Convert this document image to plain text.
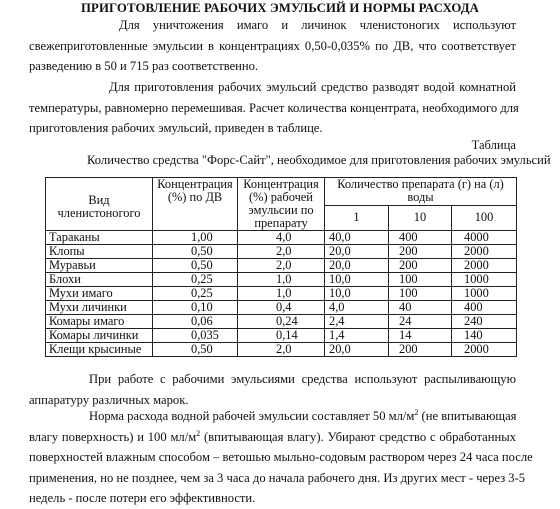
ПРИГОТОВЛЕНИЕ РАБОЧИХ ЭМУЛЬСИЙ И НОРМЫ РАСХОДА
Для уничтожения имаго и личинок членистоногих используют
свежеприготовленные эмульсии в концентрациях 0,50-0,035% по ДВ, что соответствует
разведению в 50 и 715 раз соответственно.
Для приготовления рабочих эмульсий средство разводят водой комнатной
температуры, равномерно перемешивая. Расчет количества концентрата, необходимого для
приготовления рабочих эмульсий, приведен в таблице.
Таблица
Количество средства "Форс-Сайт", необходимое для приготовления рабочих эмульсий
Вид членистоногого	Концентрация (%) по ДВ	Концентрация (%) рабочей эмульсии по препарату	Количество препарата (г) на (л) воды		
			1	10	100
Тараканы	1,00	4,0	40,0	400	4000
Клопы	0,50	2,0	20,0	200	2000
Муравьи	0,50	2,0	20,0	200	2000
Блохи	0,25	1,0	10,0	100	1000
Мухи имаго	0,25	1,0	10,0	100	1000
Мухи личинки	0,10	0,4	4,0	40	400
Комары имаго	0,06	0,24	2,4	24	240
Комары личинки	0,035	0,14	1,4	14	140
Клещи крысиные	0,50	2,0	20,0	200	2000
При работе с рабочими эмульсиями средства используют распыливающую
аппаратуру различных марок.
Норма расхода водной рабочей эмульсии составляет 50 $мл/м^2$ (не впитывающая
влагу поверхность) и 100 $мл/м^2$ (впитывающая влагу). Убирают средство с обработанных
поверхностей влажным способом – ветошью мыльно-содовым раствором через 24 часа после
применения, но не позднее, чем за 3 часа до начала рабочего дня. Из других мест - через 3-5
недель - после потери его эффективности.
